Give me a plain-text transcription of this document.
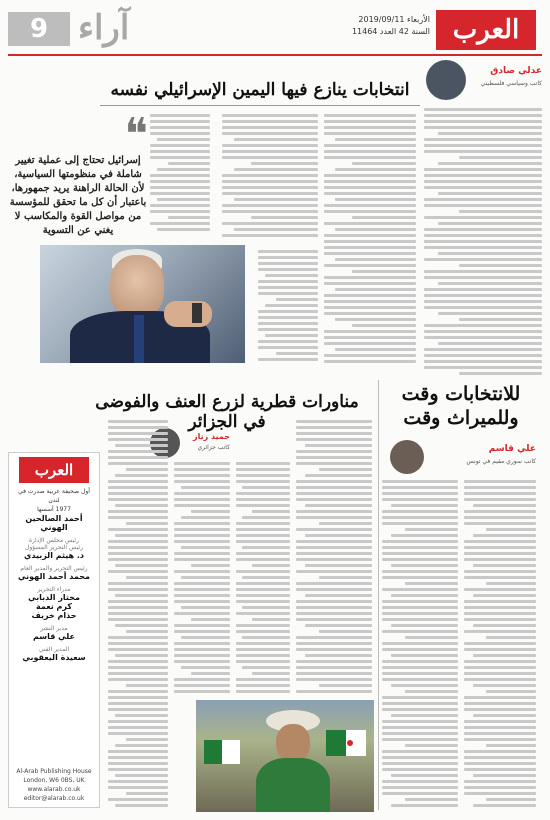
العرب
الأربعاء 2019/09/11
السنة 42 العدد 11464
آراء
9
عدلي صادق
كاتب وسياسي فلسطيني
انتخابات ينازع فيها اليمين الإسرائيلي نفسه
❝
إسرائيل تحتاج إلى عملية تغيير شاملة في منظومتها السياسية، لأن الحالة الراهنة يريد جمهورها، باعتبار أن كل ما تحقق للمؤسسة من مواصل القوة والمكاسب لا يغني عن التسوية
مناورات قطرية لزرع العنف والفوضى في الجزائر
للانتخابات وقت وللميراث وقت
حميد زناز
كاتب جزائري	علي قاسم
كاتب سوري مقيم في تونس
العرب
أول صحيفة عربية صدرت في لندن
1977 أسسها
أحمد الصالحين الهوني
رئيس مجلس الإدارة
رئيس التحرير المسؤول
د. هيثم الزبيدي
رئيس التحرير والمدير العام
محمد أحمد الهوني
مدراء التحرير
مختار الدبابي
كرم نعمة
حذام خريف
مدير النشر
علي قاسم
المدير الفني
سعيدة اليعقوبي
Al-Arab Publishing House
London, W6 0BS, UK
www.alarab.co.uk
editor@alarab.co.uk
